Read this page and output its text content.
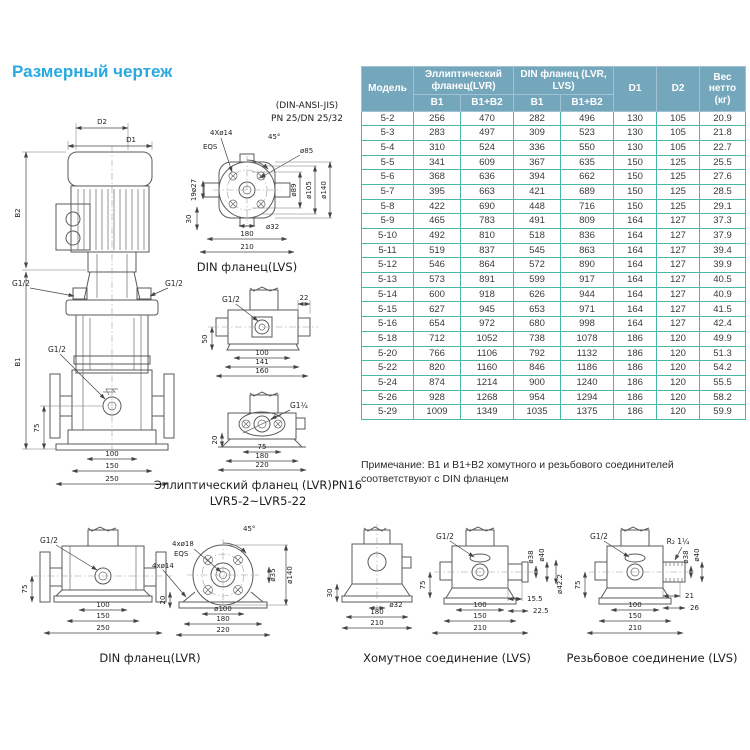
Размерный чертеж
D2
D1
B2
B1
G1/2	G1/2
G1/2
75
100
150
250
(DIN-ANSI-JIS)
PN 25/DN 25/32
45°
4Xø14
EQS	ø85
19ø27
30
ø89 ø105 ø140
ø32
180
210
DIN фланец(LVS)
G1/2	22
50
100
141
160
G1¼
20
75
180
220
Эллиптический фланец (LVR)PN16
LVR5-2~LVR5-22
G1/2
75
100
150
250
DIN фланец(LVR)
45°
4xø18
EQS
4xø14
ø140
ø35
ø100
180
220
20
30
ø32
180
210
G1/2
75
100
150
210
ø38 ø40
15.5
22.5
ø42.2
Хомутное соединение (LVS)
G1/2
R₂ 1¼
75
100
150
210
ø38 ø40
21
26
Резьбовое соединение (LVS)
Модель	Эллиптический фланец(LVR)		DIN фланец (LVR, LVS)		D1	D2	Вес нетто (кг)
	B1	B1+B2	B1	B1+B2			
5-2	256	470	282	496	130	105	20.9
5-3	283	497	309	523	130	105	21.8
5-4	310	524	336	550	130	105	22.7
5-5	341	609	367	635	150	125	25.5
5-6	368	636	394	662	150	125	27.6
5-7	395	663	421	689	150	125	28.5
5-8	422	690	448	716	150	125	29.1
5-9	465	783	491	809	164	127	37.3
5-10	492	810	518	836	164	127	37.9
5-11	519	837	545	863	164	127	39.4
5-12	546	864	572	890	164	127	39.9
5-13	573	891	599	917	164	127	40.5
5-14	600	918	626	944	164	127	40.9
5-15	627	945	653	971	164	127	41.5
5-16	654	972	680	998	164	127	42.4
5-18	712	1052	738	1078	186	120	49.9
5-20	766	1106	792	1132	186	120	51.3
5-22	820	1160	846	1186	186	120	54.2
5-24	874	1214	900	1240	186	120	55.5
5-26	928	1268	954	1294	186	120	58.2
5-29	1009	1349	1035	1375	186	120	59.9
Примечание: B1 и B1+B2 хомутного и резьбового соединителей соответствуют с DIN фланцем
